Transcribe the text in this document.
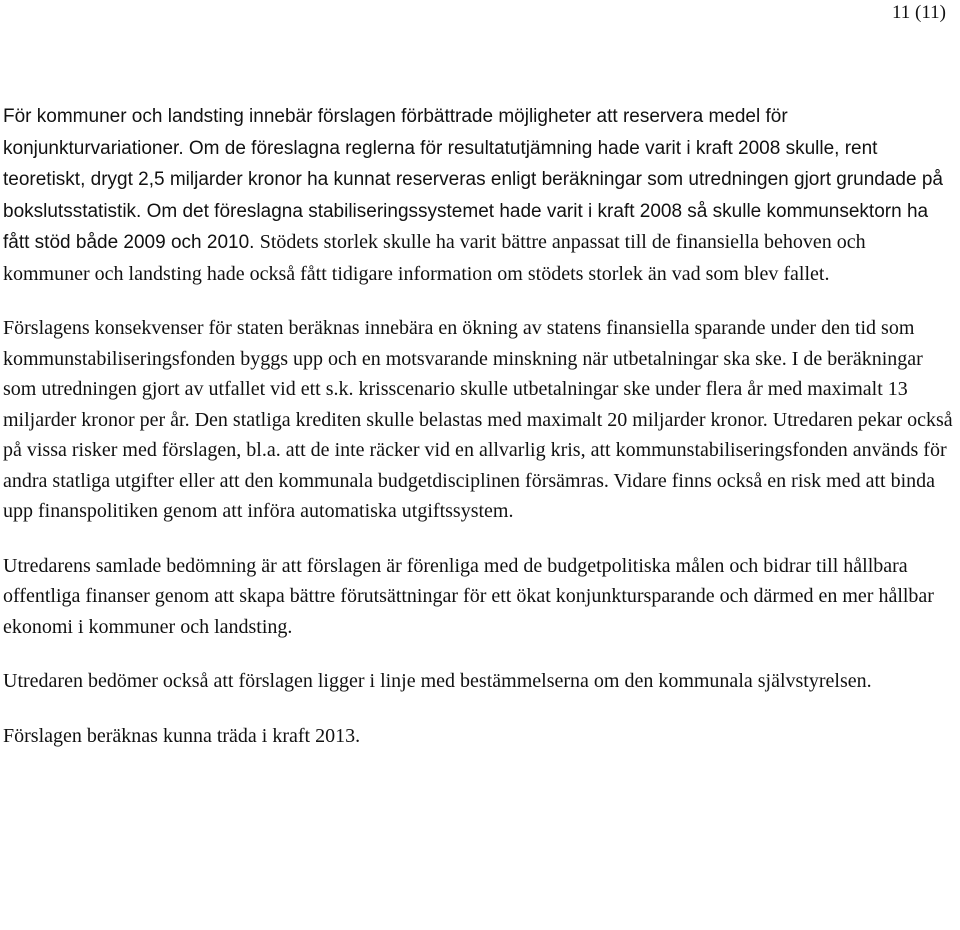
11 (11)

För kommuner och landsting innebär förslagen förbättrade möjligheter att reservera medel för konjunkturvariationer. Om de föreslagna reglerna för resultatutjämning hade varit i kraft 2008 skulle, rent teoretiskt, drygt 2,5 miljarder kronor ha kunnat reserveras enligt beräkningar som utredningen gjort grundade på bokslutsstatistik. Om det föreslagna stabiliseringssystemet hade varit i kraft 2008 så skulle kommunsektorn ha fått stöd både 2009 och 2010. Stödets storlek skulle ha varit bättre anpassat till de finansiella behoven och kommuner och landsting hade också fått tidigare information om stödets storlek än vad som blev fallet.

Förslagens konsekvenser för staten beräknas innebära en ökning av statens finansiella sparande under den tid som kommunstabiliseringsfonden byggs upp och en motsvarande minskning när utbetalningar ska ske. I de beräkningar som utredningen gjort av utfallet vid ett s.k. krisscenario skulle utbetalningar ske under flera år med maximalt 13 miljarder kronor per år. Den statliga krediten skulle belastas med maximalt 20 miljarder kronor. Utredaren pekar också på vissa risker med förslagen, bl.a. att de inte räcker vid en allvarlig kris, att kommunstabiliseringsfonden används för andra statliga utgifter eller att den kommunala budgetdisciplinen försämras. Vidare finns också en risk med att binda upp finanspolitiken genom att införa automatiska utgiftssystem.

Utredarens samlade bedömning är att förslagen är förenliga med de budgetpolitiska målen och bidrar till hållbara offentliga finanser genom att skapa bättre förutsättningar för ett ökat konjunktursparande och därmed en mer hållbar ekonomi i kommuner och landsting.

Utredaren bedömer också att förslagen ligger i linje med bestämmelserna om den kommunala självstyrelsen.

Förslagen beräknas kunna träda i kraft 2013.
